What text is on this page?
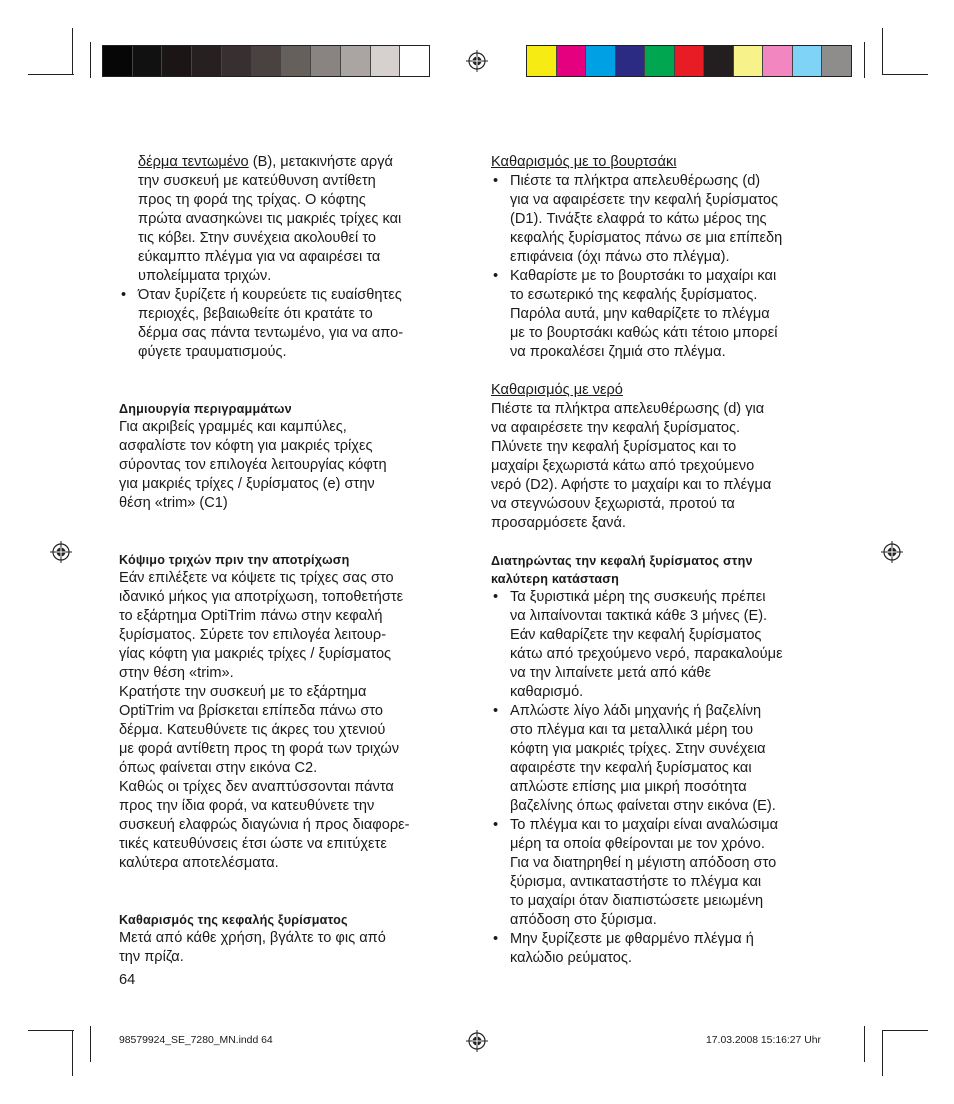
δέρμα τεντωμένο (B), μετακινήστε αργά

την συσκευή με κατεύθυνση αντίθετη
προς τη φορά της τρίχας. Ο κόφτης
πρώτα ανασηκώνει τις μακριές τρίχες και
τις κόβει. Στην συνέχεια ακολουθεί το
εύκαμπτο πλέγμα για να αφαιρέσει τα
υπολείμματα τριχών.
• Όταν ξυρίζετε ή κουρεύετε τις ευαίσθητες
περιοχές, βεβαιωθείτε ότι κρατάτε το
δέρμα σας πάντα τεντωμένο, για να απο-
φύγετε τραυματισμούς.

Δημιουργία περιγραμμάτων

Για ακριβείς γραμμές και καμπύλες,
ασφαλίστε τον κόφτη για μακριές τρίχες
σύροντας τον επιλογέα λειτουργίας κόφτη
για μακριές τρίχες / ξυρίσματος (e) στην
θέση «trim» (C1)

Κόψιμο τριχών πριν την αποτρίχωση

Εάν επιλέξετε να κόψετε τις τρίχες σας στο
ιδανικό μήκος για αποτρίχωση, τοποθετήστε
το εξάρτημα OptiTrim πάνω στην κεφαλή
ξυρίσματος. Σύρετε τον επιλογέα λειτουρ-
γίας κόφτη για μακριές τρίχες / ξυρίσματος
στην θέση «trim».
Κρατήστε την συσκευή με το εξάρτημα
OptiTrim να βρίσκεται επίπεδα πάνω στο
δέρμα. Κατευθύνετε τις άκρες του χτενιού
με φορά αντίθετη προς τη φορά των τριχών
όπως φαίνεται στην εικόνα C2.
Καθώς οι τρίχες δεν αναπτύσσονται πάντα
προς την ίδια φορά, να κατευθύνετε την
συσκευή ελαφρώς διαγώνια ή προς διαφορε-
τικές κατευθύνσεις έτσι ώστε να επιτύχετε
καλύτερα αποτελέσματα.

Καθαρισμός της κεφαλής ξυρίσματος

Μετά από κάθε χρήση, βγάλτε το φις από
την πρίζα.
64

Καθαρισμός με το βουρτσάκι

• Πιέστε τα πλήκτρα απελευθέρωσης (d)
για να αφαιρέσετε την κεφαλή ξυρίσματος
(D1). Τινάξτε ελαφρά το κάτω μέρος της
κεφαλής ξυρίσματος πάνω σε μια επίπεδη
επιφάνεια (όχι πάνω στο πλέγμα).
• Καθαρίστε με το βουρτσάκι το μαχαίρι και
το εσωτερικό της κεφαλής ξυρίσματος.
Παρόλα αυτά, μην καθαρίζετε το πλέγμα
με το βουρτσάκι καθώς κάτι τέτοιο μπορεί
να προκαλέσει ζημιά στο πλέγμα.

Καθαρισμός με νερό

Πιέστε τα πλήκτρα απελευθέρωσης (d) για
να αφαιρέσετε την κεφαλή ξυρίσματος.
Πλύνετε την κεφαλή ξυρίσματος και το
μαχαίρι ξεχωριστά κάτω από τρεχούμενο
νερό (D2). Αφήστε το μαχαίρι και το πλέγμα
να στεγνώσουν ξεχωριστά, προτού τα
προσαρμόσετε ξανά.
Διατηρώντας την κεφαλή ξυρίσματος στην
καλύτερη κατάσταση
• Τα ξυριστικά μέρη της συσκευής πρέπει
να λιπαίνονται τακτικά κάθε 3 μήνες (E).
Εάν καθαρίζετε την κεφαλή ξυρίσματος
κάτω από τρεχούμενο νερό, παρακαλούμε
να την λιπαίνετε μετά από κάθε
καθαρισμό.
• Απλώστε λίγο λάδι μηχανής ή βαζελίνη
στο πλέγμα και τα μεταλλικά μέρη του
κόφτη για μακριές τρίχες. Στην συνέχεια
αφαιρέστε την κεφαλή ξυρίσματος και
απλώστε επίσης μια μικρή ποσότητα
βαζελίνης όπως φαίνεται στην εικόνα (E).
• Το πλέγμα και το μαχαίρι είναι αναλώσιμα
μέρη τα οποία φθείρονται με τον χρόνο.
Για να διατηρηθεί η μέγιστη απόδοση στο
ξύρισμα, αντικαταστήστε το πλέγμα και
το μαχαίρι όταν διαπιστώσετε μειωμένη
απόδοση στο ξύρισμα.
• Μην ξυρίζεστε με φθαρμένο πλέγμα ή
καλώδιο ρεύματος.
98579924_SE_7280_MN.indd 64	17.03.2008 15:16:27 Uhr
